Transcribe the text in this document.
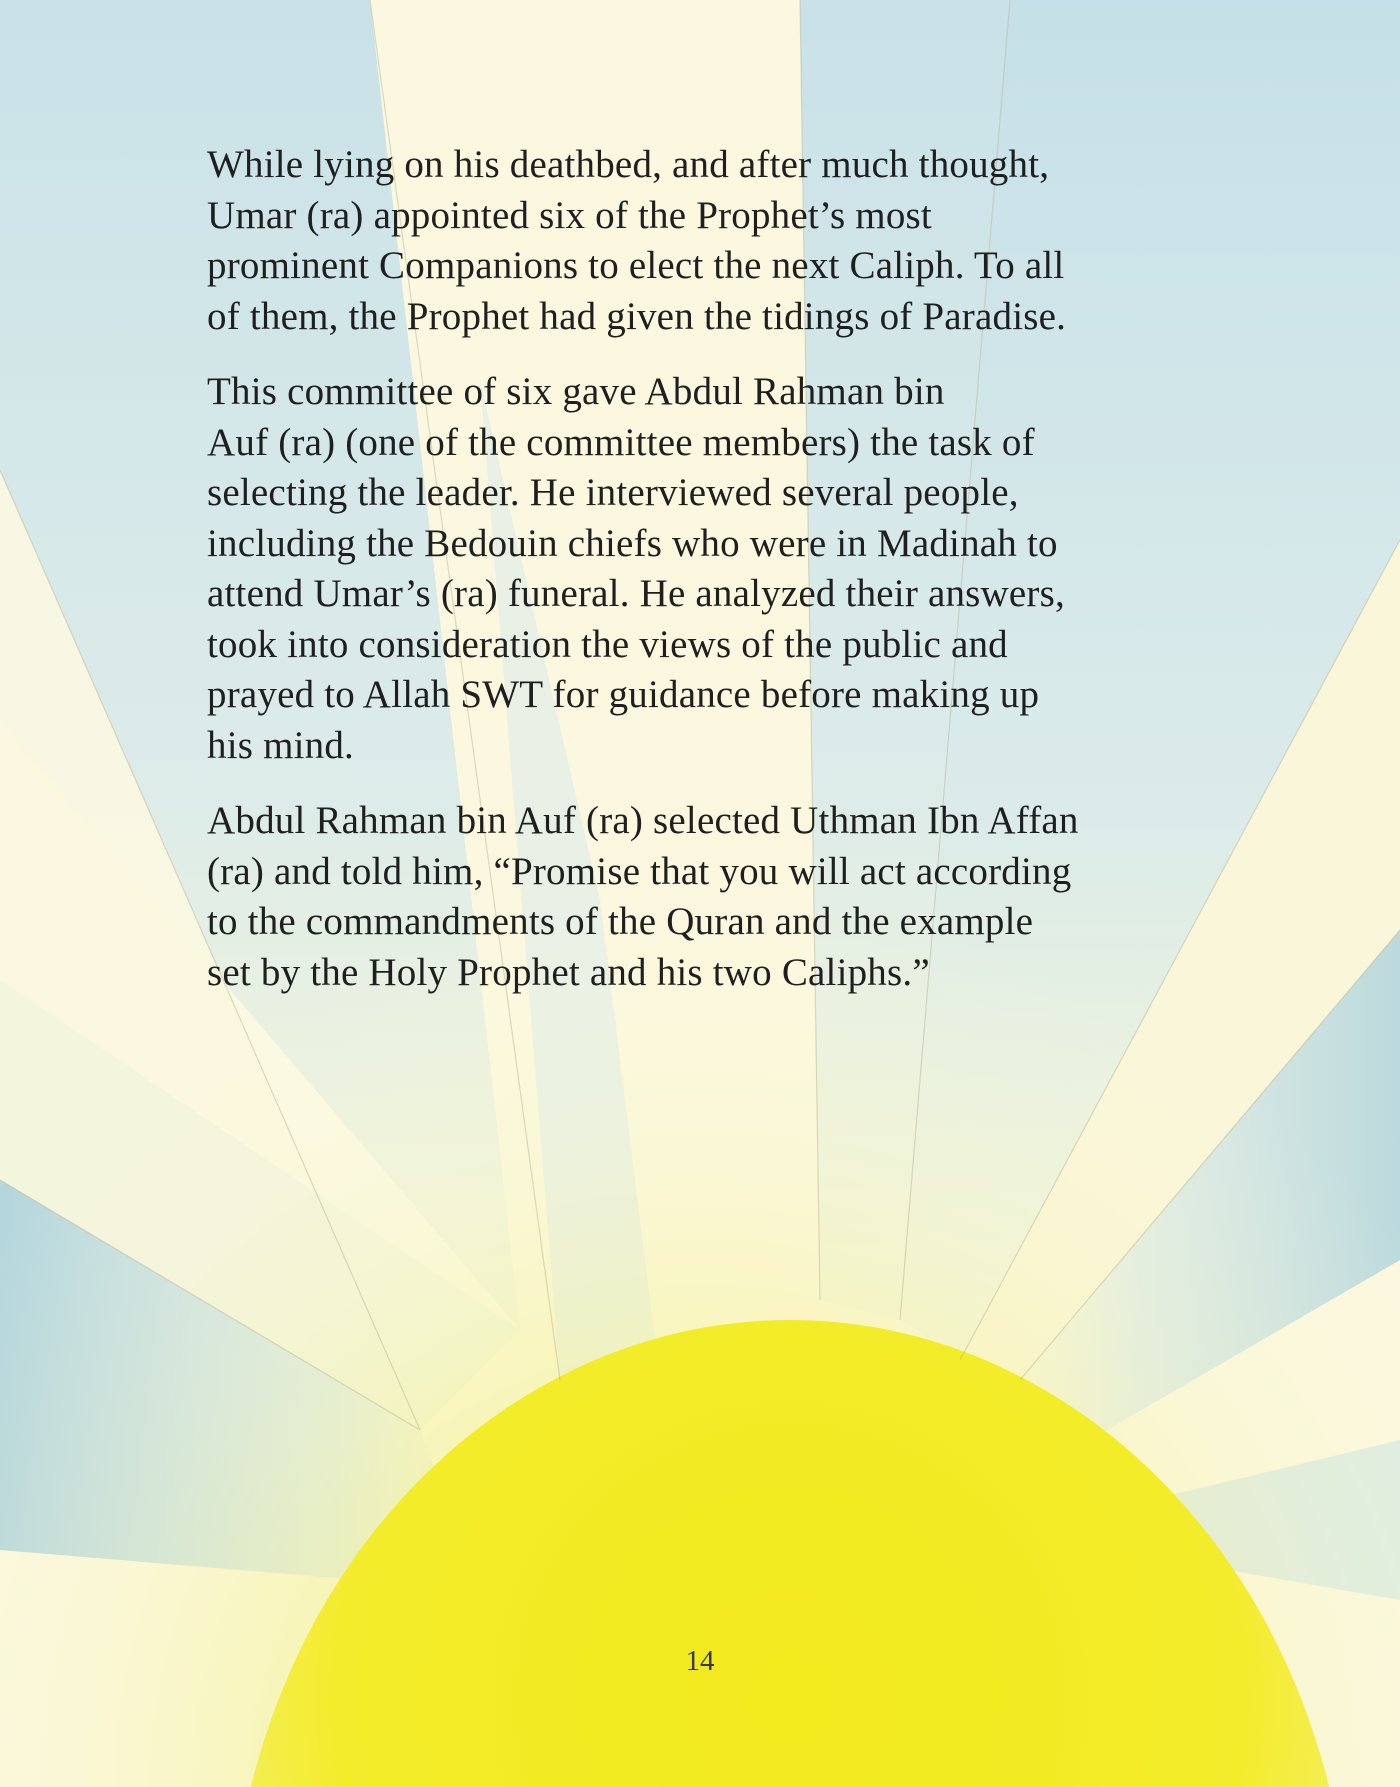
While lying on his deathbed, and after much thought,
Umar (ra) appointed six of the Prophet’s most
prominent Companions to elect the next Caliph. To all
of them, the Prophet had given the tidings of Paradise.

This committee of six gave Abdul Rahman bin
Auf (ra) (one of the committee members) the task of
selecting the leader. He interviewed several people,
including the Bedouin chiefs who were in Madinah to
attend Umar’s (ra) funeral. He analyzed their answers,
took into consideration the views of the public and
prayed to Allah SWT for guidance before making up
his mind.

Abdul Rahman bin Auf (ra) selected Uthman Ibn Affan
(ra) and told him, “Promise that you will act according
to the commandments of the Quran and the example
set by the Holy Prophet and his two Caliphs.”

14
